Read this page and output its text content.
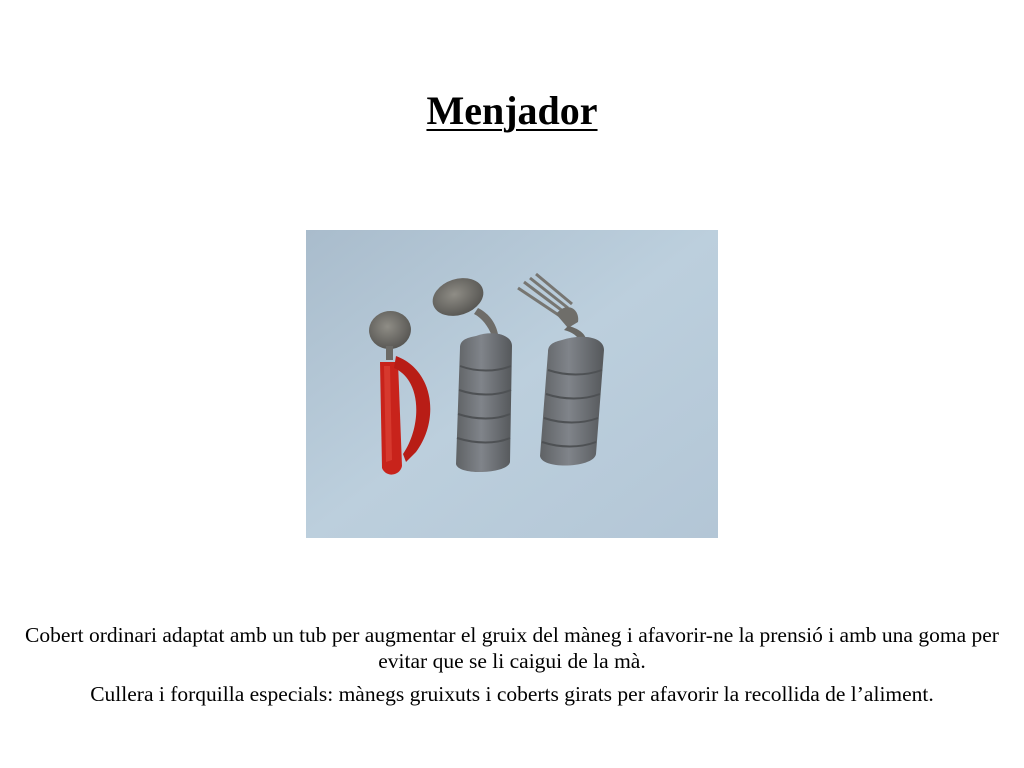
Menjador

Cobert ordinari adaptat amb un tub per augmentar el gruix del màneg i afavorir-ne la prensió i amb una goma per evitar que se li caigui de la mà.

Cullera i forquilla especials: mànegs gruixuts i coberts girats per afavorir la recollida de l’aliment.
